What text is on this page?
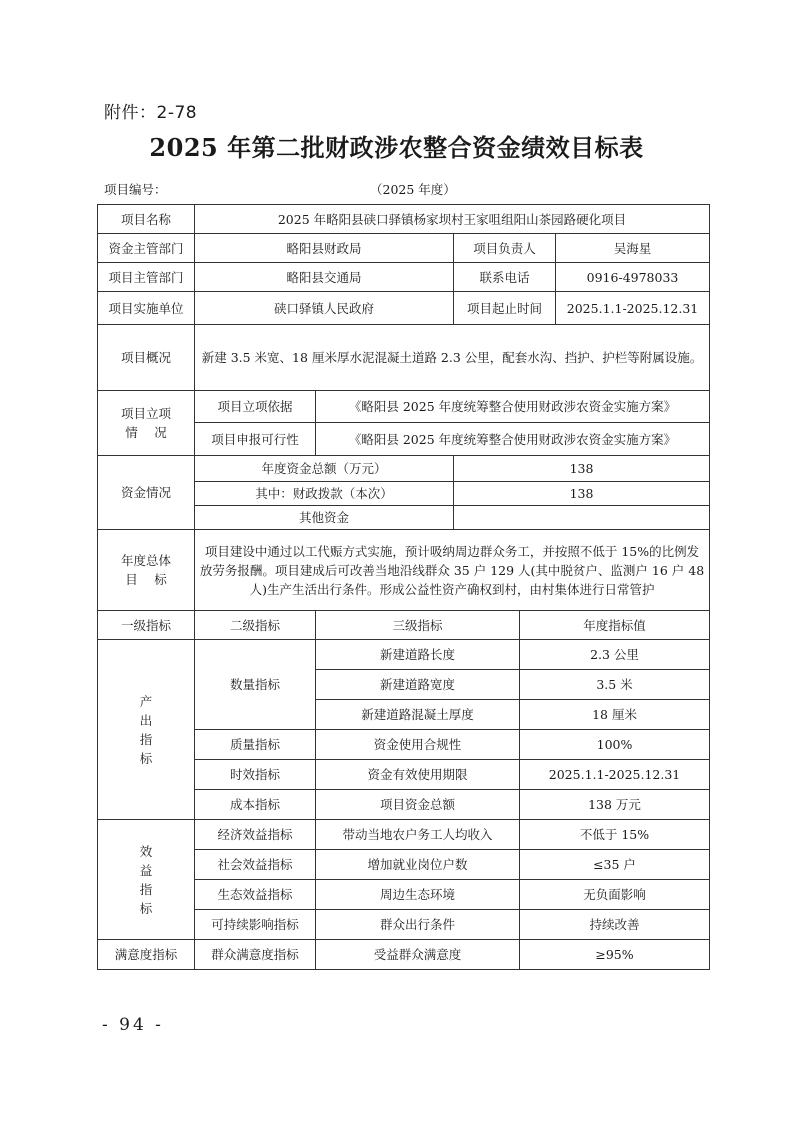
附件：2-78
2025 年第二批财政涉农整合资金绩效目标表
项目编号：	（2025 年度）
项目名称	2025 年略阳县硖口驿镇杨家坝村王家咀组阳山茶园路硬化项目				
资金主管部门	略阳县财政局		项目负责人		吴海星
项目主管部门	略阳县交通局		联系电话		0916-4978033
项目实施单位	硖口驿镇人民政府		项目起止时间		2025.1.1-2025.12.31
项目概况	新建 3.5 米宽、18 厘米厚水泥混凝土道路 2.3 公里，配套水沟、挡护、护栏等附属设施。				

项目立项
情　 况	项目立项依据	《略阳县 2025 年度统筹整合使用财政涉农资金实施方案》			
	项目申报可行性	《略阳县 2025 年度统筹整合使用财政涉农资金实施方案》			
资金情况	年度资金总额（万元）		138		
	其中：财政拨款（本次）		138		
	其他资金				

年度总体
目　 标	项目建设中通过以工代赈方式实施，预计吸纳周边群众务工，并按照不低于 15%的比例发放劳务报酬。项目建成后可改善当地沿线群众 35 户 129 人(其中脱贫户、监测户 16 户 48 人)生产生活出行条件。形成公益性资产确权到村，由村集体进行日常管护				
一级指标	二级指标	三级指标		年度指标值	

产
出
指
标	数量指标	新建道路长度		2.3 公里	
		新建道路宽度		3.5 米	
		新建道路混凝土厚度		18 厘米	
	质量指标	资金使用合规性		100%	
	时效指标	资金有效使用期限		2025.1.1-2025.12.31	
	成本指标	项目资金总额		138 万元	

效
益
指
标	经济效益指标	带动当地农户务工人均收入		不低于 15%	
	社会效益指标	增加就业岗位户数		≤35 户	
	生态效益指标	周边生态环境		无负面影响	
	可持续影响指标	群众出行条件		持续改善	
满意度指标	群众满意度指标	受益群众满意度		≥95%	
- 94 -
